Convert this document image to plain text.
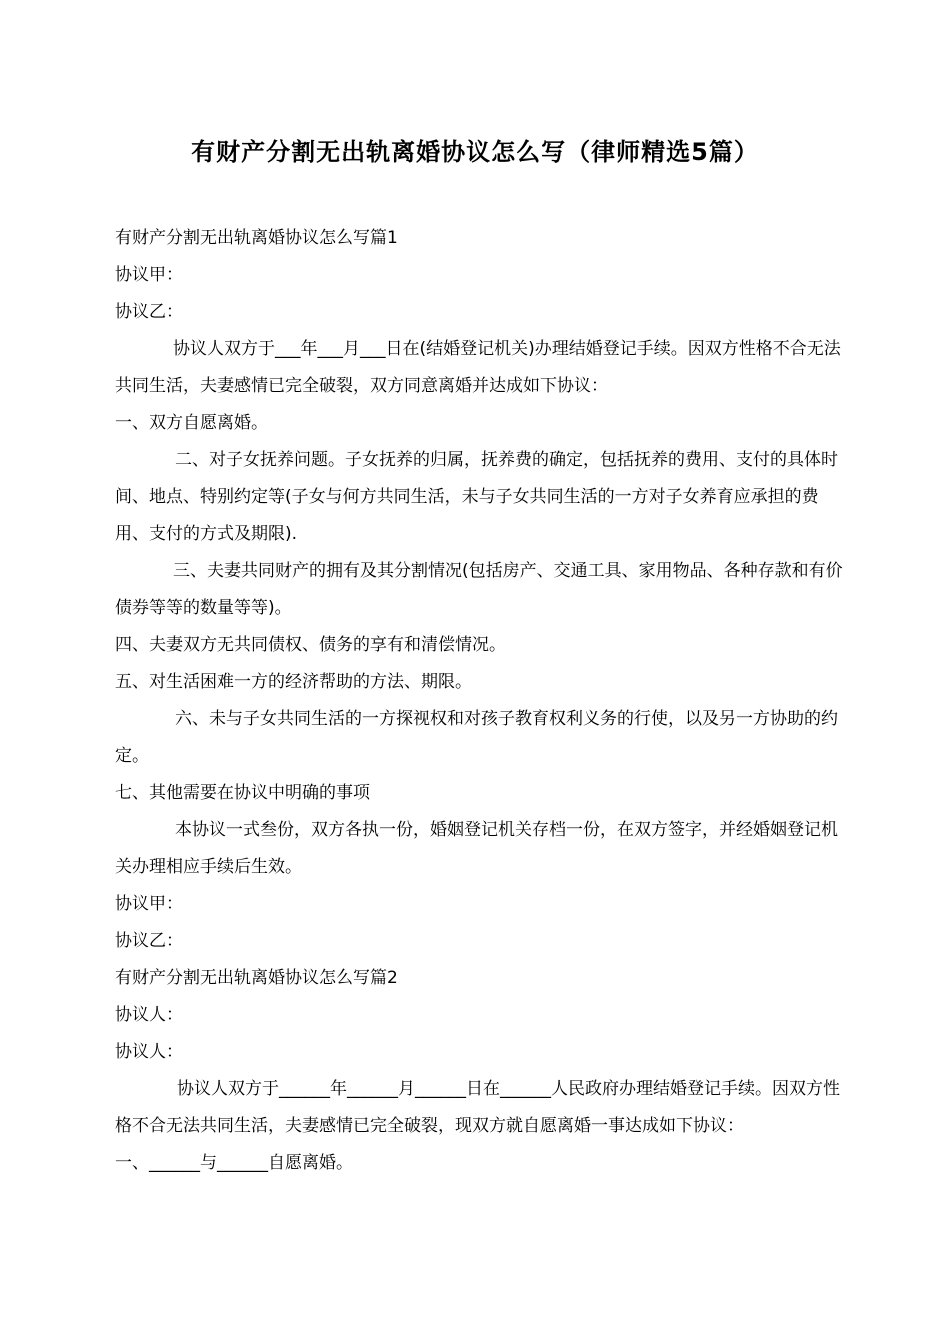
有财产分割无出轨离婚协议怎么写（律师精选5篇）

有财产分割无出轨离婚协议怎么写篇1

协议甲：

协议乙：

协议人双方于___年___月___日在(结婚登记机关)办理结婚登记手续。因双方性格不合无法共同生活，夫妻感情已完全破裂，双方同意离婚并达成如下协议：

一、双方自愿离婚。

二、对子女抚养问题。子女抚养的归属，抚养费的确定，包括抚养的费用、支付的具体时间、地点、特别约定等(子女与何方共同生活，未与子女共同生活的一方对子女养育应承担的费用、支付的方式及期限).

三、夫妻共同财产的拥有及其分割情况(包括房产、交通工具、家用物品、各种存款和有价债券等等的数量等等)。

四、夫妻双方无共同债权、债务的享有和清偿情况。

五、对生活困难一方的经济帮助的方法、期限。

六、未与子女共同生活的一方探视权和对孩子教育权利义务的行使，以及另一方协助的约定。

七、其他需要在协议中明确的事项

本协议一式叁份，双方各执一份，婚姻登记机关存档一份，在双方签字，并经婚姻登记机关办理相应手续后生效。

协议甲：

协议乙：

有财产分割无出轨离婚协议怎么写篇2

协议人：

协议人：

协议人双方于______年______月______日在______人民政府办理结婚登记手续。因双方性格不合无法共同生活，夫妻感情已完全破裂，现双方就自愿离婚一事达成如下协议：

一、______与______自愿离婚。
